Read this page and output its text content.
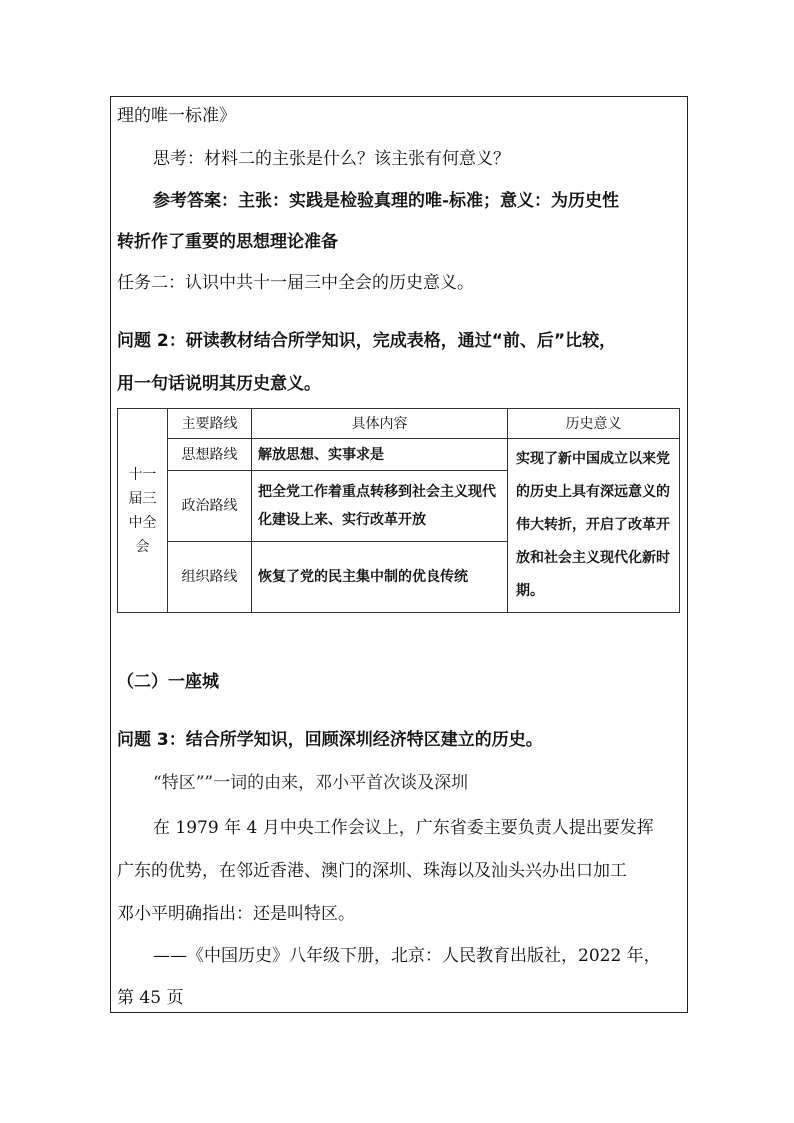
理的唯一标准》
思考：材料二的主张是什么？该主张有何意义？
参考答案：主张：实践是检验真理的唯-标准；意义：为历史性
转折作了重要的思想理论准备
任务二：认识中共十一届三中全会的历史意义。
问题 2：研读教材结合所学知识，完成表格，通过“前、后”比较，
用一句话说明其历史意义。
十一届三中全会	主要路线	具体内容	历史意义
	思想路线	解放思想、实事求是	实现了新中国成立以来党的历史上具有深远意义的伟大转折，开启了改革开放和社会主义现代化新时期。

	政治路线	把全党工作着重点转移到社会主义现代化建设上来、实行改革开放	
	组织路线	恢复了党的民主集中制的优良传统	
（二）一座城
问题 3：结合所学知识，回顾深圳经济特区建立的历史。
“特区””一词的由来，邓小平首次谈及深圳
在 1979 年 4 月中央工作会议上，广东省委主要负责人提出要发挥
广东的优势，在邻近香港、澳门的深圳、珠海以及汕头兴办出口加工
邓小平明确指出：还是叫特区。
——《中国历史》八年级下册，北京：人民教育出版社，2022 年，
第 45 页
